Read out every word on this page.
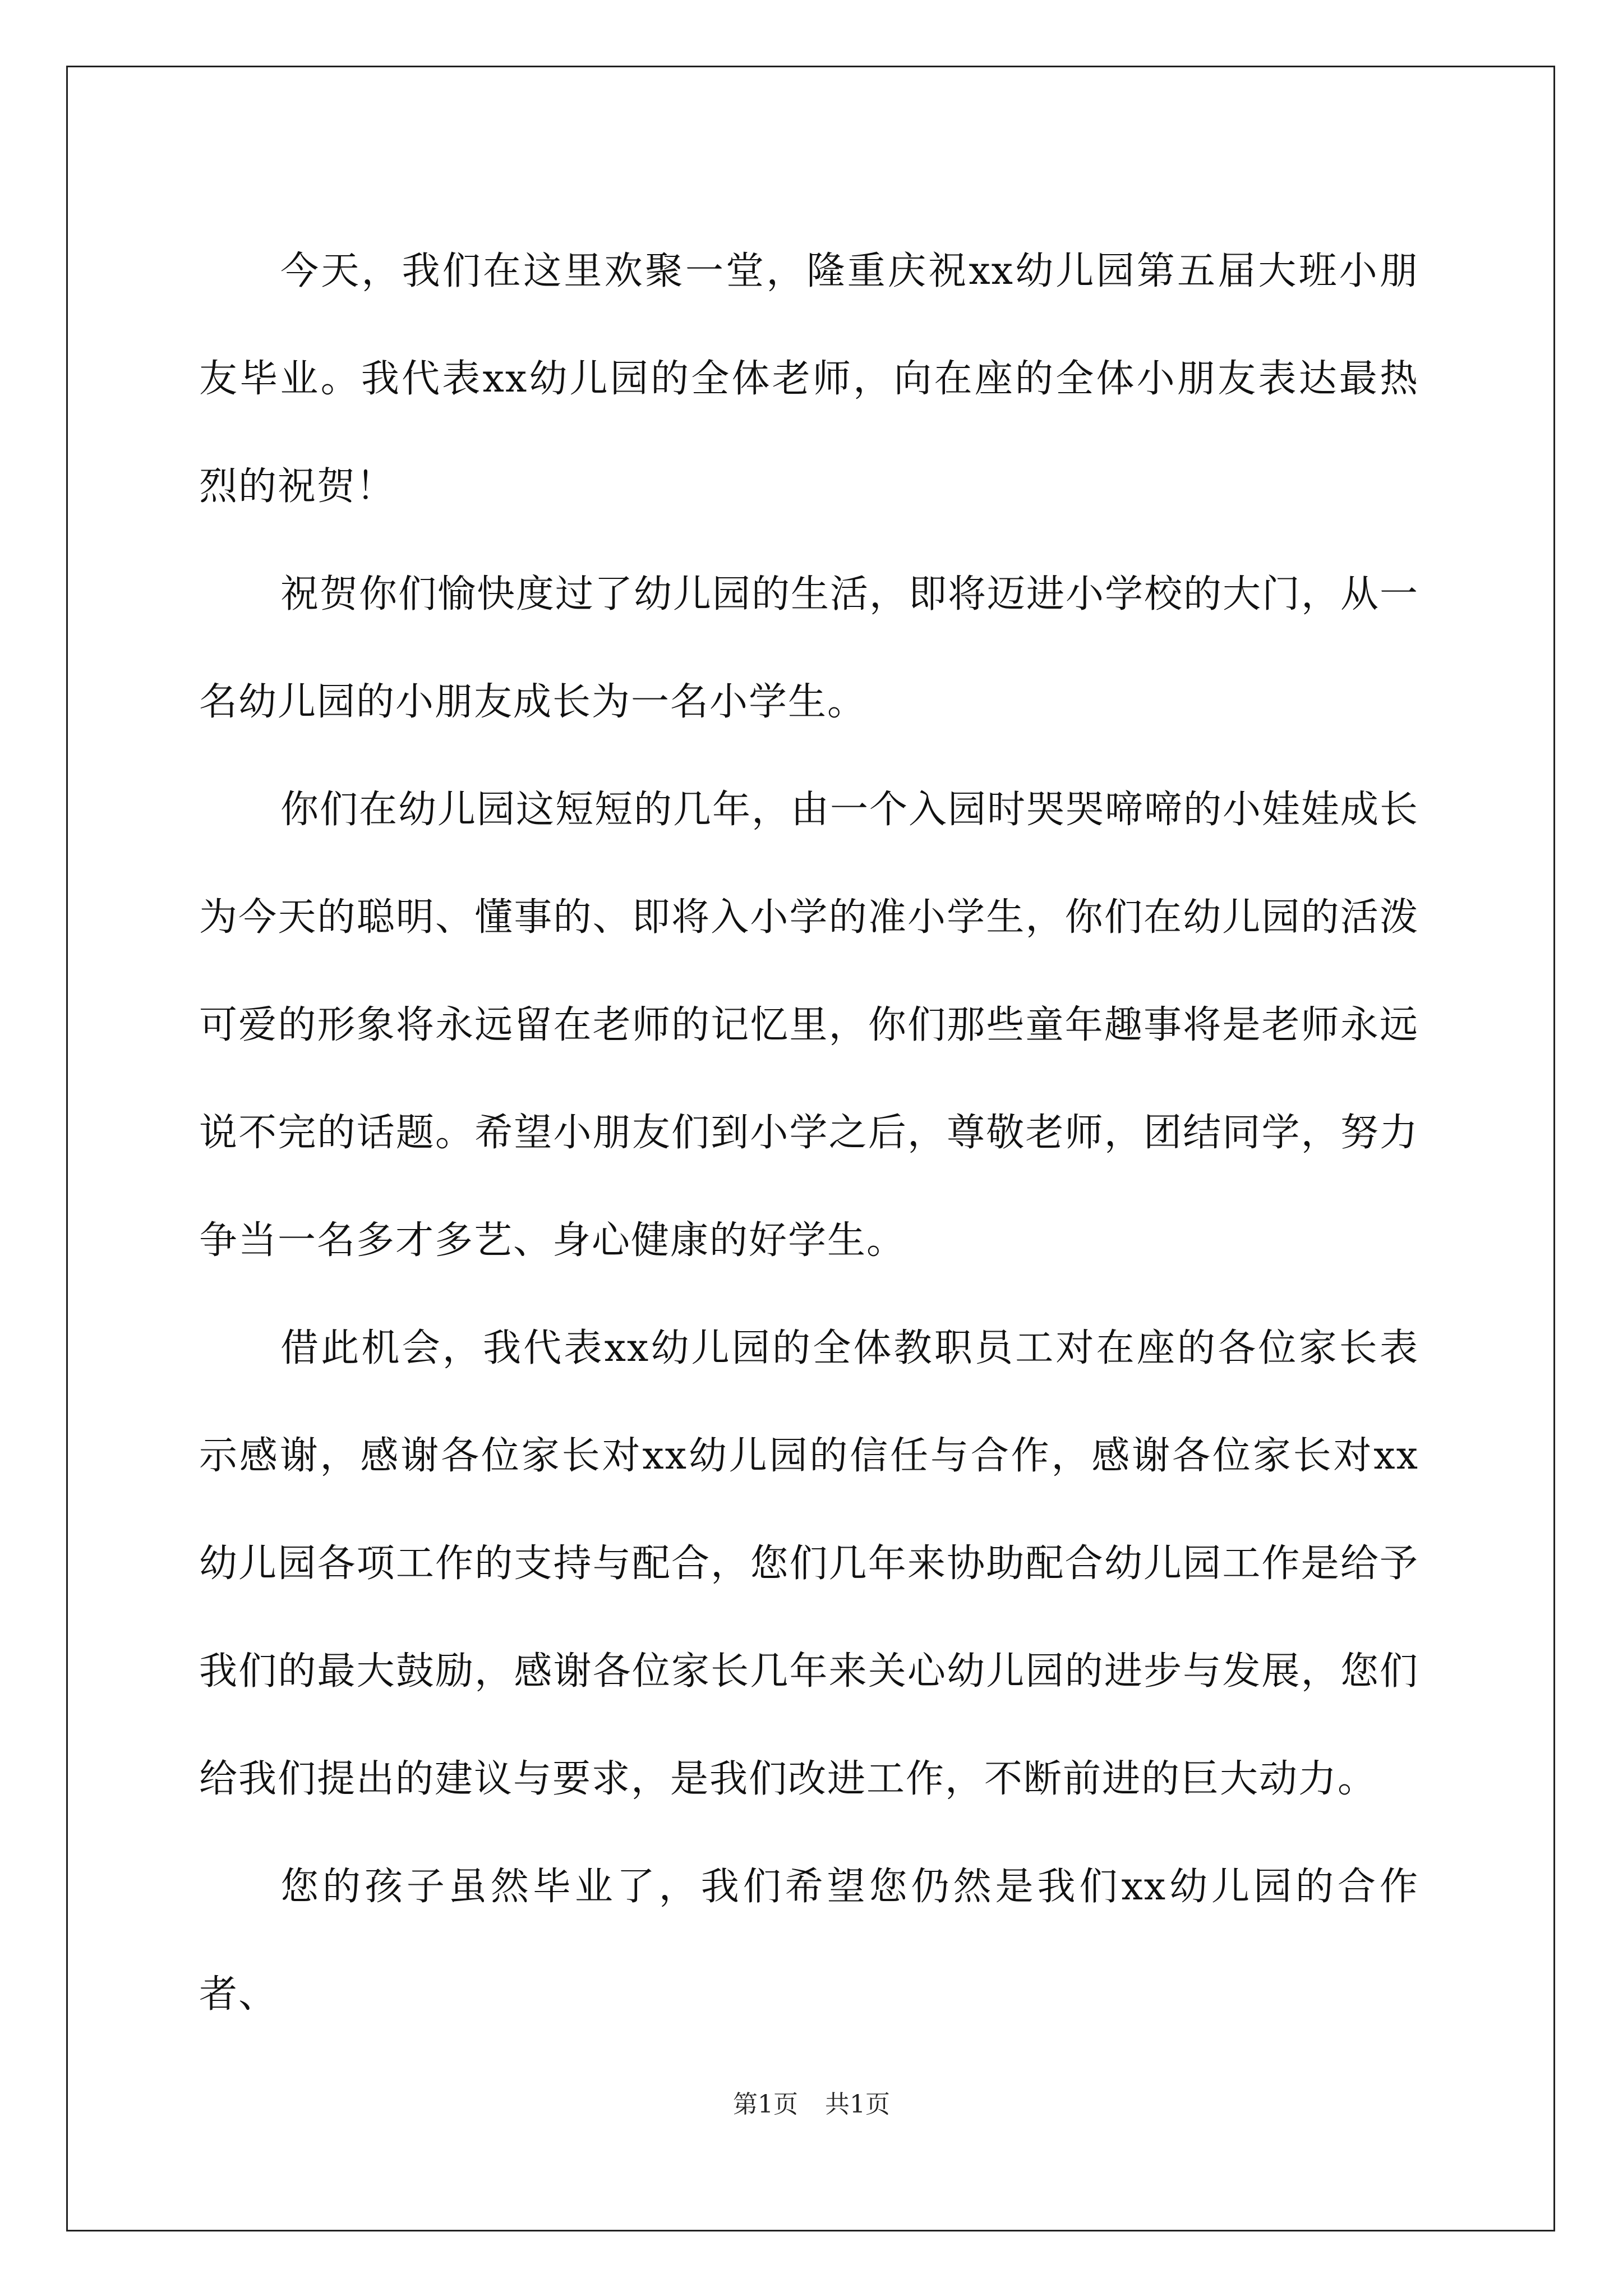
今天，我们在这里欢聚一堂，隆重庆祝xx幼儿园第五届大班小朋友毕业。我代表xx幼儿园的全体老师，向在座的全体小朋友表达最热烈的祝贺！

祝贺你们愉快度过了幼儿园的生活，即将迈进小学校的大门，从一名幼儿园的小朋友成长为一名小学生。

你们在幼儿园这短短的几年，由一个入园时哭哭啼啼的小娃娃成长为今天的聪明、懂事的、即将入小学的准小学生，你们在幼儿园的活泼可爱的形象将永远留在老师的记忆里，你们那些童年趣事将是老师永远说不完的话题。希望小朋友们到小学之后，尊敬老师，团结同学，努力争当一名多才多艺、身心健康的好学生。

借此机会，我代表xx幼儿园的全体教职员工对在座的各位家长表示感谢，感谢各位家长对xx幼儿园的信任与合作，感谢各位家长对xx幼儿园各项工作的支持与配合，您们几年来协助配合幼儿园工作是给予我们的最大鼓励，感谢各位家长几年来关心幼儿园的进步与发展，您们给我们提出的建议与要求，是我们改进工作，不断前进的巨大动力。

您的孩子虽然毕业了，我们希望您仍然是我们xx幼儿园的合作者、

第1页 共1页
